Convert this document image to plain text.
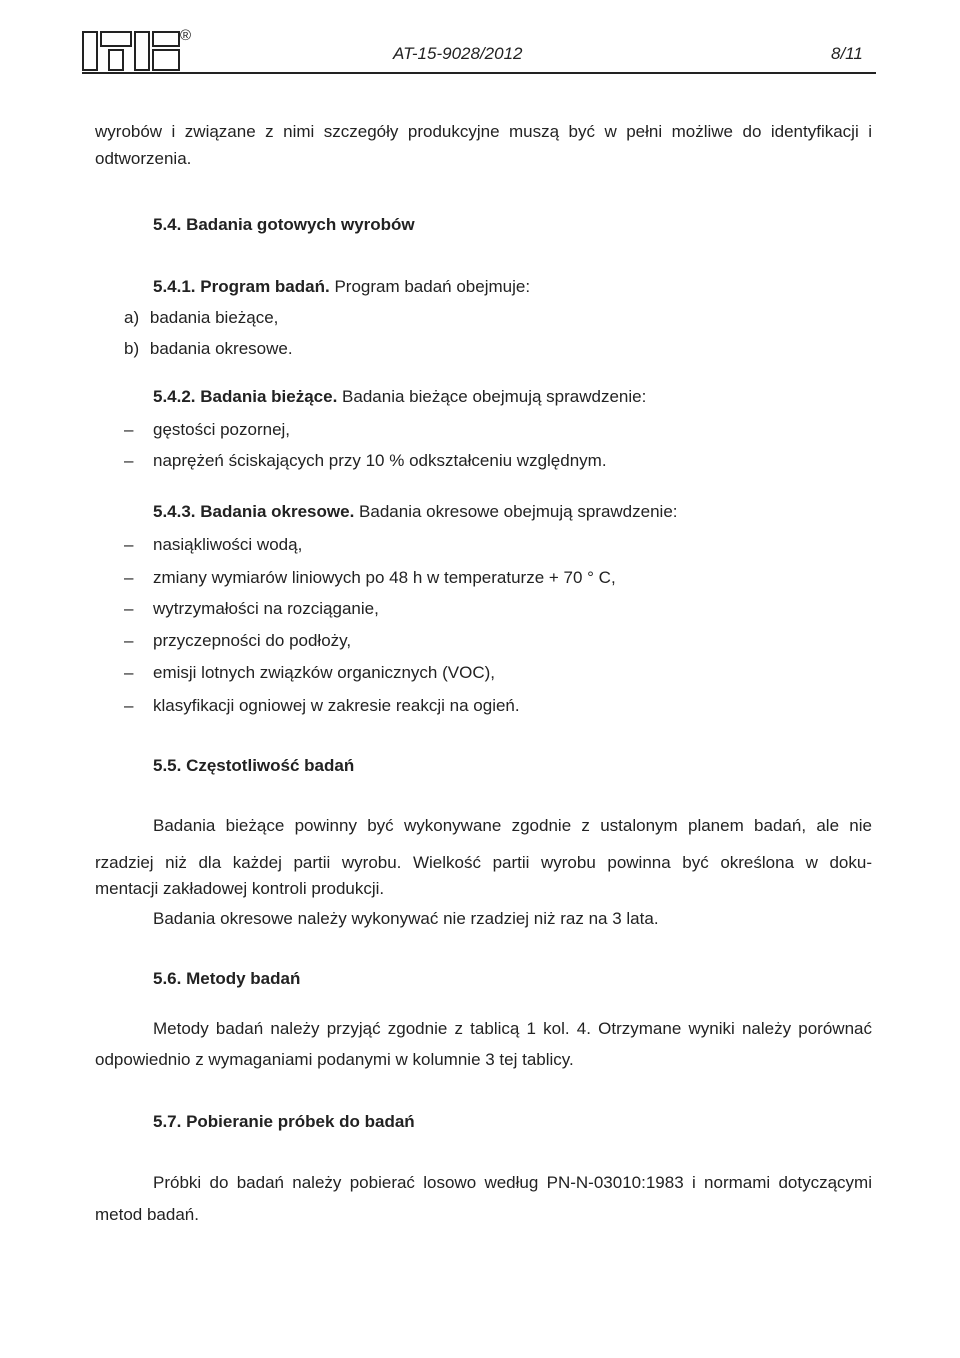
®
AT-15-9028/2012	8/11
wyrobów i związane z nimi szczegóły produkcyjne muszą być w pełni możliwe do identyfikacji i
odtworzenia.
5.4. Badania gotowych wyrobów
5.4.1. Program badań. Program badań obejmuje:
a) badania bieżące,
b) badania okresowe.
5.4.2. Badania bieżące. Badania bieżące obejmują sprawdzenie:
– gęstości pozornej,
– naprężeń ściskających przy 10 % odkształceniu względnym.
5.4.3. Badania okresowe. Badania okresowe obejmują sprawdzenie:
– nasiąkliwości wodą,
– zmiany wymiarów liniowych po 48 h w temperaturze + 70 ° C,
– wytrzymałości na rozciąganie,
– przyczepności do podłoży,
– emisji lotnych związków organicznych (VOC),
– klasyfikacji ogniowej w zakresie reakcji na ogień.
5.5. Częstotliwość badań
Badania bieżące powinny być wykonywane zgodnie z ustalonym planem badań, ale nie
rzadziej niż dla każdej partii wyrobu. Wielkość partii wyrobu powinna być określona w doku-
mentacji zakładowej kontroli produkcji.
Badania okresowe należy wykonywać nie rzadziej niż raz na 3 lata.
5.6. Metody badań
Metody badań należy przyjąć zgodnie z tablicą 1 kol. 4. Otrzymane wyniki należy porównać
odpowiednio z wymaganiami podanymi w kolumnie 3 tej tablicy.
5.7. Pobieranie próbek do badań
Próbki do badań należy pobierać losowo według PN-N-03010:1983 i normami dotyczącymi
metod badań.
